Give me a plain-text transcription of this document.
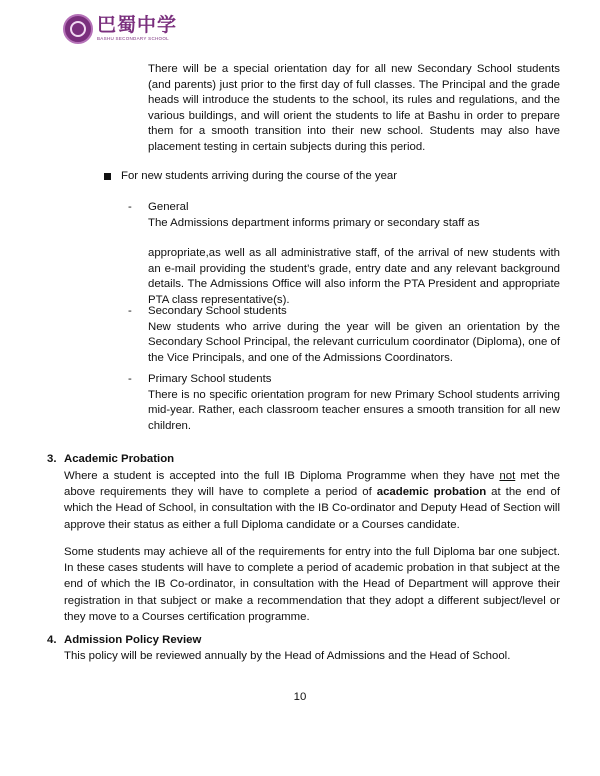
巴蜀中学
BASHU SECONDARY SCHOOL
There will be a special orientation day for all new Secondary School students (and parents) just prior to the first day of full classes. The Principal and the grade heads will introduce the students to the school, its rules and regulations, and the various buildings, and will orient the students to life at Bashu in order to prepare them for a smooth transition into their new school. Students may also have placement testing in certain subjects during this period.
For new students arriving during the course of the year
- General
The Admissions department informs primary or secondary staff as
appropriate,as well as all administrative staff, of the arrival of new students with an e-mail providing the student’s grade, entry date and any relevant background details. The Admissions Office will also inform the PTA President and appropriate PTA class representative(s).
- Secondary School students
New students who arrive during the year will be given an orientation by the Secondary School Principal, the relevant curriculum coordinator (Diploma), one of the Vice Principals, and one of the Admissions Coordinators.
- Primary School students
There is no specific orientation program for new Primary School students arriving mid-year. Rather, each classroom teacher ensures a smooth transition for all new children.
3. Academic Probation
Where a student is accepted into the full IB Diploma Programme when they have not met the above requirements they will have to complete a period of academic probation at the end of which the Head of School, in consultation with the IB Co-ordinator and Deputy Head of Section will approve their status as either a full Diploma candidate or a Courses candidate.
Some students may achieve all of the requirements for entry into the full Diploma bar one subject. In these cases students will have to complete a period of academic probation in that subject at the end of which the IB Co-ordinator, in consultation with the Head of Department will approve their registration in that subject or make a recommendation that they adopt a different subject/level or they move to a Courses certification programme.
4. Admission Policy Review
This policy will be reviewed annually by the Head of Admissions and the Head of School.
10
